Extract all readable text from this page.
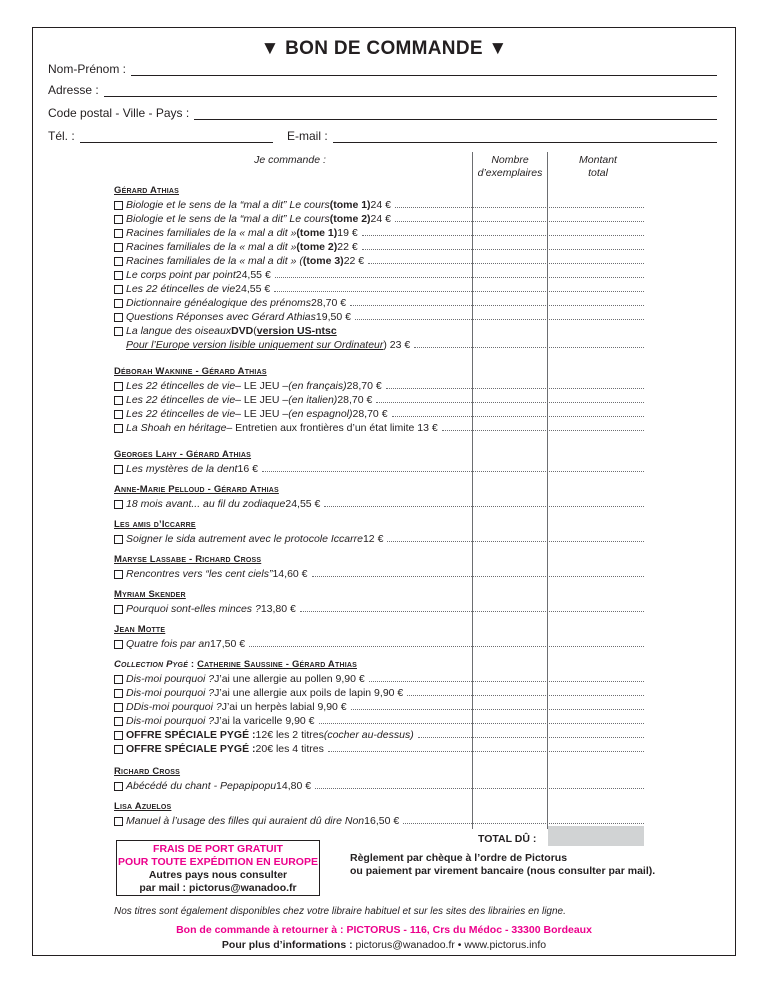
▼ BON DE COMMANDE ▼
Nom-Prénom :
Adresse :
Code postal - Ville - Pays :
Tél. :	E-mail :
Je commande :	Nombre
d’exemplaires
Montant
total
Gérard Athias
Biologie et le sens de la “mal a dit” Le cours (tome 1) 24 €
Biologie et le sens de la “mal a dit” Le cours (tome 2) 24 €
Racines familiales de la « mal a dit » (tome 1) 19 €
Racines familiales de la « mal a dit » (tome 2) 22 €
Racines familiales de la « mal a dit » ( (tome 3) 22 €
Le corps point par point 24,55 €
Les 22 étincelles de vie 24,55 €
Dictionnaire généalogique des prénoms 28,70 €
Questions Réponses avec Gérard Athias 19,50 €
La langue des oiseaux DVD ( version US-ntsc
Pour l’Europe version lisible uniquement sur Ordinateur ) 23 €
Déborah Waknine - Gérard Athias
Les 22 étincelles de vie – LE JEU – (en français) 28,70 €
Les 22 étincelles de vie – LE JEU – (en italien) 28,70 €
Les 22 étincelles de vie – LE JEU – (en espagnol) 28,70 €
La Shoah en héritage – Entretien aux frontières d’un état limite 13 €
Georges Lahy - Gérard Athias
Les mystères de la dent 16 €
Anne-Marie Pelloud - Gérard Athias
18 mois avant... au fil du zodiaque 24,55 €
Les amis d’Iccarre
Soigner le sida autrement avec le protocole Iccarre 12 €
Maryse Lassabe - Richard Cross
Rencontres vers “les cent ciels” 14,60 €
Myriam Skender
Pourquoi sont-elles minces ? 13,80 €
Jean Motte
Quatre fois par an 17,50 €
Collection Pygé : Catherine Saussine - Gérard Athias
Dis-moi pourquoi ? J’ai une allergie au pollen 9,90 €
Dis-moi pourquoi ? J’ai une allergie aux poils de lapin 9,90 €
DDis-moi pourquoi ? J’ai un herpès labial 9,90 €
Dis-moi pourquoi ? J’ai la varicelle 9,90 €
OFFRE SPÉCIALE PYGÉ : 12€ les 2 titres (cocher au-dessus)
OFFRE SPÉCIALE PYGÉ : 20€ les 4 titres
Richard Cross
Abécédé du chant - Pepapipopu 14,80 €
Lisa Azuelos
Manuel à l’usage des filles qui auraient dû dire Non 16,50 €
TOTAL DÛ :
FRAIS DE PORT GRATUIT
POUR TOUTE EXPÉDITION EN EUROPE
Autres pays nous consulter
par mail : pictorus@wanadoo.fr
Règlement par chèque à l’ordre de Pictorus
ou paiement par virement bancaire (nous consulter par mail).
Nos titres sont également disponibles chez votre libraire habituel et sur les sites des librairies en ligne.
Bon de commande à retourner à : PICTORUS - 116, Crs du Médoc - 33300 Bordeaux
Pour plus d’informations : pictorus@wanadoo.fr • www.pictorus.info
